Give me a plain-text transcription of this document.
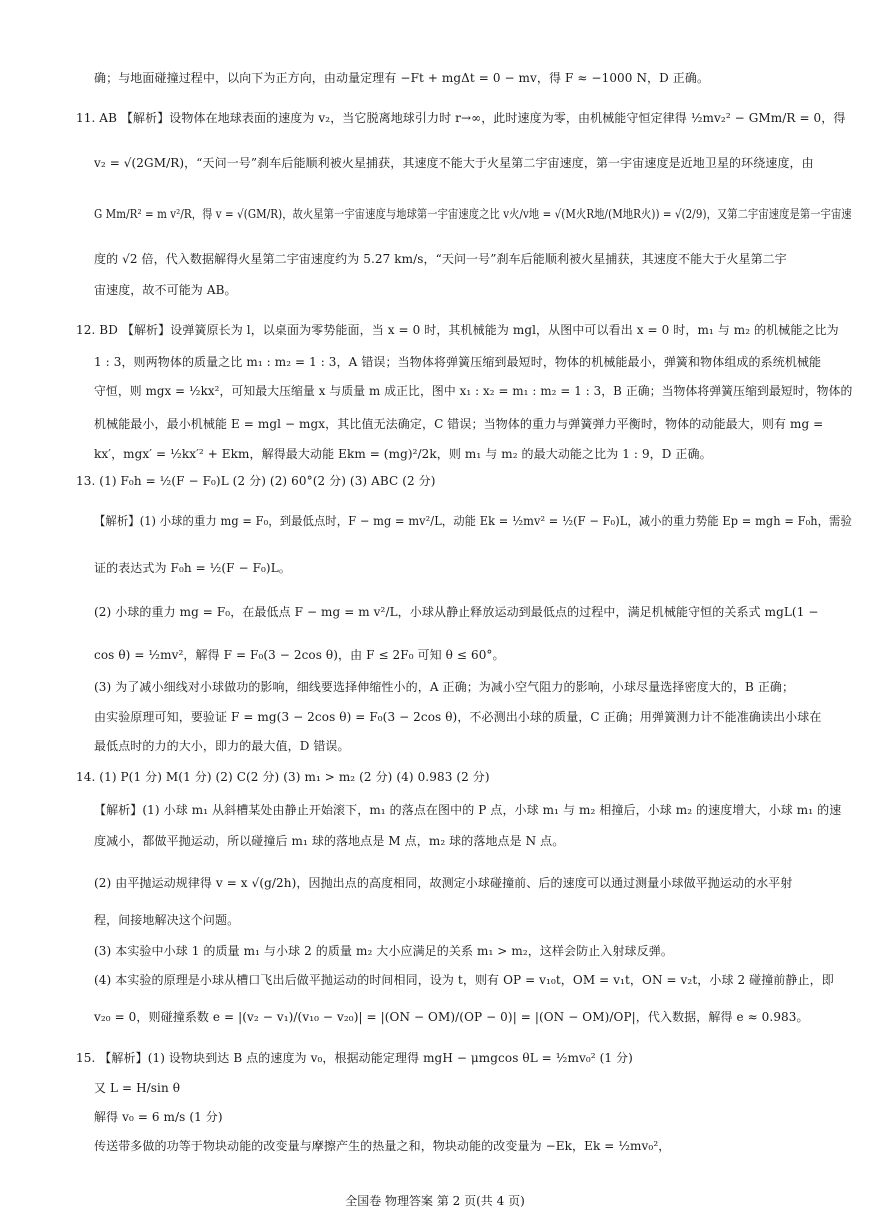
确；与地面碰撞过程中，以向下为正方向，由动量定理有 −Ft + mgΔt = 0 − mv，得 F ≈ −1000 N，D 正确。
11. AB 【解析】设物体在地球表面的速度为 v₂，当它脱离地球引力时 r→∞，此时速度为零，由机械能守恒定律得 ½mv₂² − GMm/R = 0，得
v₂ = √(2GM/R)，“天问一号”刹车后能顺利被火星捕获，其速度不能大于火星第二宇宙速度，第一宇宙速度是近地卫星的环绕速度，由
G Mm/R² = m v²/R，得 v = √(GM/R)，故火星第一宇宙速度与地球第一宇宙速度之比 v火/v地 = √(M火R地/(M地R火)) = √(2/9)，又第二宇宙速度是第一宇宙速
度的 √2 倍，代入数据解得火星第二宇宙速度约为 5.27 km/s，“天问一号”刹车后能顺利被火星捕获，其速度不能大于火星第二宇
宙速度，故不可能为 AB。
12. BD 【解析】设弹簧原长为 l，以桌面为零势能面，当 x = 0 时，其机械能为 mgl，从图中可以看出 x = 0 时，m₁ 与 m₂ 的机械能之比为
1 : 3，则两物体的质量之比 m₁ : m₂ = 1 : 3，A 错误；当物体将弹簧压缩到最短时，物体的机械能最小，弹簧和物体组成的系统机械能
守恒，则 mgx = ½kx²，可知最大压缩量 x 与质量 m 成正比，图中 x₁ : x₂ = m₁ : m₂ = 1 : 3，B 正确；当物体将弹簧压缩到最短时，物体的
机械能最小，最小机械能 E = mgl − mgx，其比值无法确定，C 错误；当物体的重力与弹簧弹力平衡时，物体的动能最大，则有 mg =
kx′，mgx′ = ½kx′² + Ekm，解得最大动能 Ekm = (mg)²/2k，则 m₁ 与 m₂ 的最大动能之比为 1 : 9，D 正确。
13. (1) F₀h = ½(F − F₀)L (2 分) (2) 60°(2 分) (3) ABC (2 分)
【解析】(1) 小球的重力 mg = F₀，到最低点时，F − mg = mv²/L，动能 Ek = ½mv² = ½(F − F₀)L，减小的重力势能 Ep = mgh = F₀h，需验
证的表达式为 F₀h = ½(F − F₀)L。
(2) 小球的重力 mg = F₀，在最低点 F − mg = m v²/L，小球从静止释放运动到最低点的过程中，满足机械能守恒的关系式 mgL(1 −
cos θ) = ½mv²，解得 F = F₀(3 − 2cos θ)，由 F ≤ 2F₀ 可知 θ ≤ 60°。
(3) 为了减小细线对小球做功的影响，细线要选择伸缩性小的，A 正确；为减小空气阻力的影响，小球尽量选择密度大的，B 正确；
由实验原理可知，要验证 F = mg(3 − 2cos θ) = F₀(3 − 2cos θ)，不必测出小球的质量，C 正确；用弹簧测力计不能准确读出小球在
最低点时的力的大小，即力的最大值，D 错误。
14. (1) P(1 分) M(1 分) (2) C(2 分) (3) m₁ > m₂ (2 分) (4) 0.983 (2 分)
【解析】(1) 小球 m₁ 从斜槽某处由静止开始滚下，m₁ 的落点在图中的 P 点，小球 m₁ 与 m₂ 相撞后，小球 m₂ 的速度增大，小球 m₁ 的速
度减小，都做平抛运动，所以碰撞后 m₁ 球的落地点是 M 点，m₂ 球的落地点是 N 点。
(2) 由平抛运动规律得 v = x √(g/2h)，因抛出点的高度相同，故测定小球碰撞前、后的速度可以通过测量小球做平抛运动的水平射
程，间接地解决这个问题。
(3) 本实验中小球 1 的质量 m₁ 与小球 2 的质量 m₂ 大小应满足的关系 m₁ > m₂，这样会防止入射球反弹。
(4) 本实验的原理是小球从槽口飞出后做平抛运动的时间相同，设为 t，则有 OP = v₁₀t，OM = v₁t，ON = v₂t，小球 2 碰撞前静止，即
v₂₀ = 0，则碰撞系数 e = |(v₂ − v₁)/(v₁₀ − v₂₀)| = |(ON − OM)/(OP − 0)| = |(ON − OM)/OP|，代入数据，解得 e ≈ 0.983。
15. 【解析】(1) 设物块到达 B 点的速度为 v₀，根据动能定理得 mgH − μmgcos θL = ½mv₀² (1 分)
又 L = H/sin θ
解得 v₀ = 6 m/s (1 分)
传送带多做的功等于物块动能的改变量与摩擦产生的热量之和，物块动能的改变量为 −Ek，Ek = ½mv₀²，
全国卷 物理答案 第 2 页(共 4 页)
